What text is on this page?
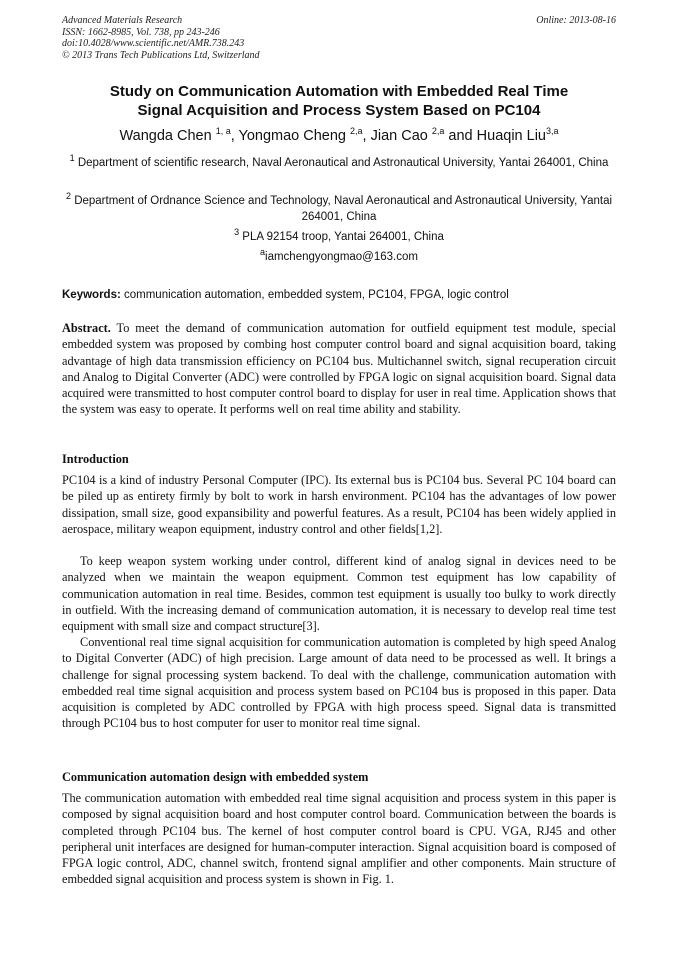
Advanced Materials Research
ISSN: 1662-8985, Vol. 738, pp 243-246
doi:10.4028/www.scientific.net/AMR.738.243
© 2013 Trans Tech Publications Ltd, Switzerland
Online: 2013-08-16
Study on Communication Automation with Embedded Real Time
Signal Acquisition and Process System Based on PC104
Wangda Chen $^{1, a}$, Yongmao Cheng $^{2,a}$, Jian Cao $^{2,a}$ and Huaqin Liu$^{3,a}$
$^1$ Department of scientific research, Naval Aeronautical and Astronautical University, Yantai 264001, China
$^2$ Department of Ordnance Science and Technology, Naval Aeronautical and Astronautical University, Yantai 264001, China
$^3$ PLA 92154 troop, Yantai 264001, China
$^a$iamchengyongmao@163.com
Keywords: communication automation, embedded system, PC104, FPGA, logic control
Abstract. To meet the demand of communication automation for outfield equipment test module, special embedded system was proposed by combing host computer control board and signal acquisition board, taking advantage of high data transmission efficiency on PC104 bus. Multichannel switch, signal recuperation circuit and Analog to Digital Converter (ADC) were controlled by FPGA logic on signal acquisition board. Signal data acquired were transmitted to host computer control board to display for user in real time. Application shows that the system was easy to operate. It performs well on real time ability and stability.
Introduction
PC104 is a kind of industry Personal Computer (IPC). Its external bus is PC104 bus. Several PC 104 board can be piled up as entirety firmly by bolt to work in harsh environment. PC104 has the advantages of low power dissipation, small size, good expansibility and powerful features. As a result, PC104 has been widely applied in aerospace, military weapon equipment, industry control and other fields[1,2].
To keep weapon system working under control, different kind of analog signal in devices need to be analyzed when we maintain the weapon equipment. Common test equipment has low capability of communication automation in real time. Besides, common test equipment is usually too bulky to work directly in outfield. With the increasing demand of communication automation, it is necessary to develop real time test equipment with small size and compact structure[3].
Conventional real time signal acquisition for communication automation is completed by high speed Analog to Digital Converter (ADC) of high precision. Large amount of data need to be processed as well. It brings a challenge for signal processing system backend. To deal with the challenge, communication automation with embedded real time signal acquisition and process system based on PC104 bus is proposed in this paper. Data acquisition is completed by ADC controlled by FPGA with high process speed. Signal data is transmitted through PC104 bus to host computer for user to monitor real time signal.
Communication automation design with embedded system
The communication automation with embedded real time signal acquisition and process system in this paper is composed by signal acquisition board and host computer control board. Communication between the boards is completed through PC104 bus. The kernel of host computer control board is CPU. VGA, RJ45 and other peripheral unit interfaces are designed for human-computer interaction. Signal acquisition board is composed of FPGA logic control, ADC, channel switch, frontend signal amplifier and other components. Main structure of embedded signal acquisition and process system is shown in Fig. 1.
